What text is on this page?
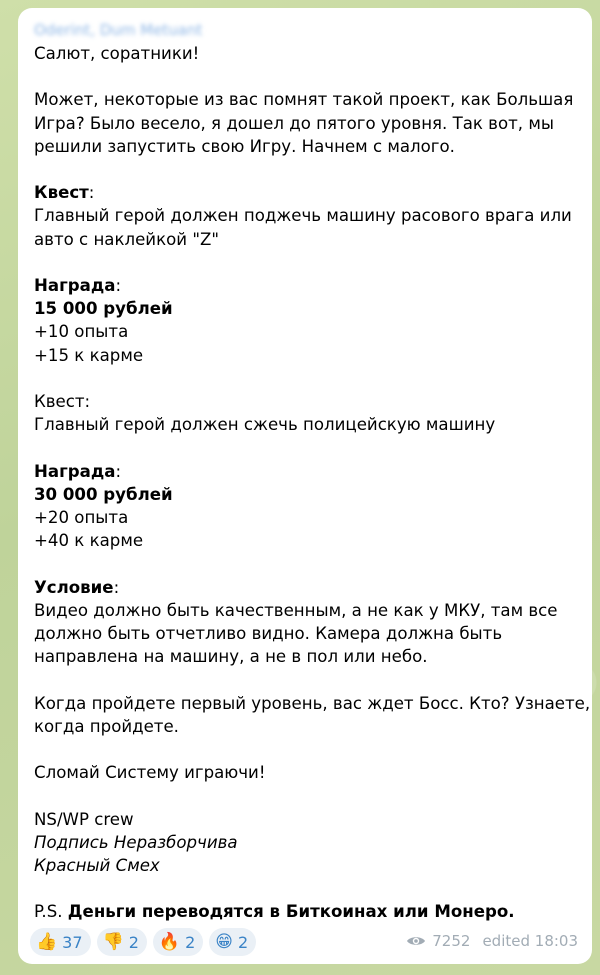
Oderint, Dum Metuant
Салют, соратники!
Может, некоторые из вас помнят такой проект, как Большая
Игра? Было весело, я дошел до пятого уровня. Так вот, мы
решили запустить свою Игру. Начнем с малого.
Квест:
Главный герой должен поджечь машину расового врага или
авто с наклейкой "Z"
Награда:
15 000 рублей
+10 опыта
+15 к карме
Квест:
Главный герой должен сжечь полицейскую машину
Награда:
30 000 рублей
+20 опыта
+40 к карме
Условие:
Видео должно быть качественным, а не как у МКУ, там все
должно быть отчетливо видно. Камера должна быть
направлена на машину, а не в пол или небо.
Когда пройдете первый уровень, вас ждет Босс. Кто? Узнаете,
когда пройдете.
Сломай Систему играючи!
NS/WP crew
Подпись Неразборчива
Красный Смех
P.S. Деньги переводятся в Биткоинах или Монеро.
👍 37 👎 2 🔥 2 😁 2	7252 edited 18:03
